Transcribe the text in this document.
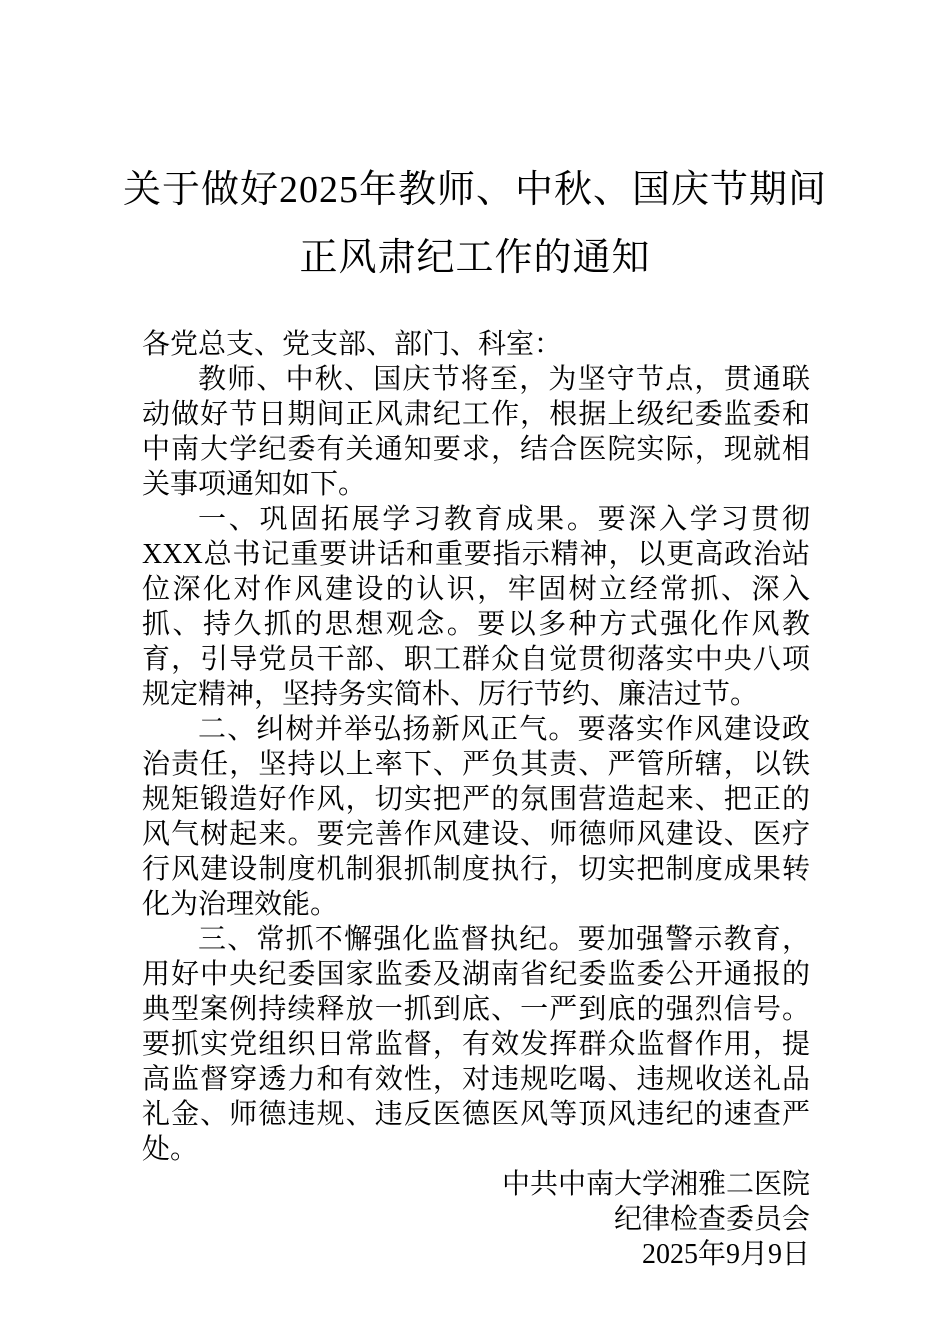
关于做好2025年教师、中秋、国庆节期间
正风肃纪工作的通知

各党总支、党支部、部门、科室：

教师、中秋、国庆节将至，为坚守节点，贯通联动做好节日期间正风肃纪工作，根据上级纪委监委和中南大学纪委有关通知要求，结合医院实际，现就相关事项通知如下。

一、巩固拓展学习教育成果。要深入学习贯彻XXX总书记重要讲话和重要指示精神，以更高政治站位深化对作风建设的认识，牢固树立经常抓、深入抓、持久抓的思想观念。要以多种方式强化作风教育，引导党员干部、职工群众自觉贯彻落实中央八项规定精神，坚持务实简朴、厉行节约、廉洁过节。

二、纠树并举弘扬新风正气。要落实作风建设政治责任，坚持以上率下、严负其责、严管所辖，以铁规矩锻造好作风，切实把严的氛围营造起来、把正的风气树起来。要完善作风建设、师德师风建设、医疗行风建设制度机制狠抓制度执行，切实把制度成果转化为治理效能。

三、常抓不懈强化监督执纪。要加强警示教育，用好中央纪委国家监委及湖南省纪委监委公开通报的典型案例持续释放一抓到底、一严到底的强烈信号。要抓实党组织日常监督，有效发挥群众监督作用，提高监督穿透力和有效性，对违规吃喝、违规收送礼品礼金、师德违规、违反医德医风等顶风违纪的速查严处。

中共中南大学湘雅二医院
纪律检查委员会
2025年9月9日
